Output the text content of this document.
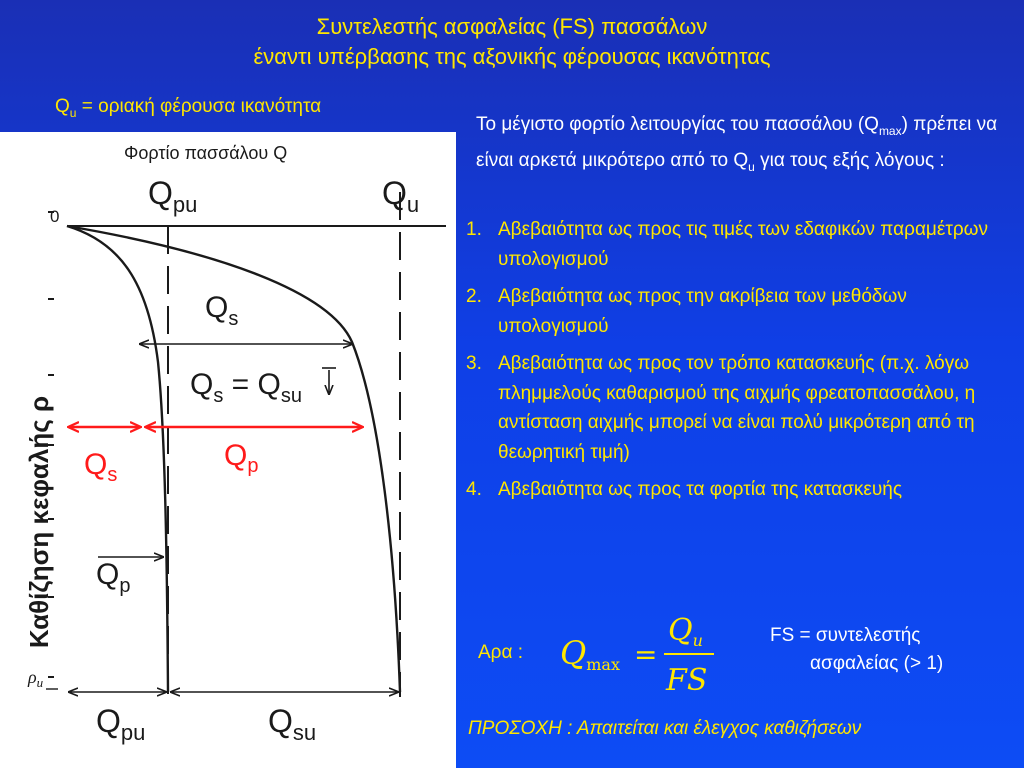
Συντελεστής ασφαλείας (FS) πασσάλων
έναντι υπέρβασης της αξονικής φέρουσας ικανότητας
$Q_u = o\rho\iota\alpha\kappa ή$ φέρουσα ικανότητα
Φορτίο πασσάλου Q
0
Καθίζηση κεφαλής ρ
$Q_{pu}$	$Q_u$
$Q_s$
$Q_s = Q_{su}$
$Q_s$
$Q_p$
$Q_p$
$\rho_u$
$Q_{pu}$	$Q_{su}$
Το μέγιστο φορτίο λειτουργίας του πασσάλου $(Q_{max})$ πρέπει να είναι αρκετά μικρότερο από το $Q_u$ για τους εξής λόγους :
1. Αβεβαιότητα ως προς τις τιμές των εδαφικών παραμέτρων υπολογισμού
2. Αβεβαιότητα ως προς την ακρίβεια των μεθόδων υπολογισμού
3. Αβεβαιότητα ως προς τον τρόπο κατασκευής (π.χ. λόγω πλημμελούς καθαρισμού της αιχμής φρεατοπασσάλου, η αντίσταση αιχμής μπορεί να είναι πολύ μικρότερη από τη θεωρητική τιμή)
4. Αβεβαιότητα ως προς τα φορτία της κατασκευής
Αρα : Qmax =
$Q_u$
FS
FS = συντελεστής
ασφαλείας (> 1)
ΠΡΟΣΟΧΗ : Απαιτείται και έλεγχος καθιζήσεων
